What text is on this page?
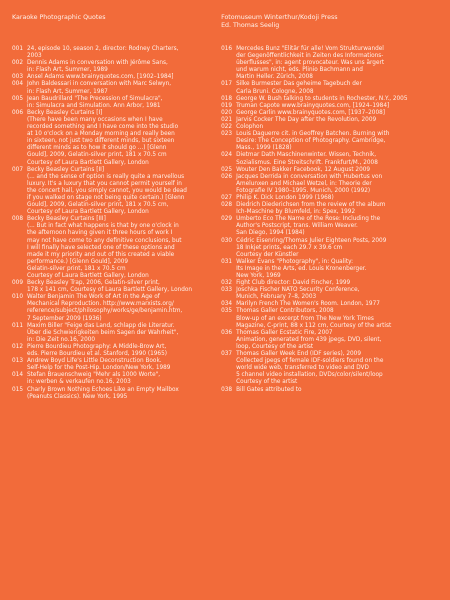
Karaoke Photographic Quotes	Fotomuseum Winterthur/Kodoji Press
Ed. Thomas Seelig
001 24, episode 10, season 2, director: Rodney Charters,
2003
002 Dennis Adams in conversation with Jérôme Sans,
in: Flash Art, Summer, 1989
003 Ansel Adams www.brainyquotes.com, [1902–1984]
004 John Baldessari in conversation with Marc Selwyn,
in: Flash Art, Summer, 1987
005 Jean Baudrillard "The Precession of Simulacra",
in: Simulacra and Simulation. Ann Arbor, 1981
006 Becky Beasley Curtains [I]
(There have been many occasions when I have
recorded something and I have come into the studio
at 10 o'clock on a Monday morning and really been
in sixteen, not just two different minds, but sixteen
different minds as to how it should go ...) [Glenn
Gould], 2009, Gelatin-silver print, 181 x 70.5 cm
Courtesy of Laura Bartlett Gallery, London
007 Becky Beasley Curtains [II]
(... and the sense of option is really quite a marvellous
luxury. It's a luxury that you cannot permit yourself in
the concert hall, you simply cannot, you would be dead
if you walked on stage not being quite certain.) [Glenn
Gould], 2009, Gelatin-silver print, 181 x 70.5 cm,
Courtesy of Laura Bartlett Gallery, London
008 Becky Beasley Curtains [III]
(... But in fact what happens is that by one o'clock in
the afternoon having given it three hours of work I
may not have come to any definitive conclusions, but
I will finally have selected one of these options and
made it my priority and out of this created a viable
performance.) [Glenn Gould], 2009
Gelatin-silver print, 181 x 70.5 cm
Courtesy of Laura Bartlett Gallery, London
009 Becky Beasley Trap, 2006, Gelatin-silver print,
178 x 141 cm, Courtesy of Laura Bartlett Gallery, London
010 Walter Benjamin The Work of Art in the Age of
Mechanical Reproduction. http://www.marxists.org/
reference/subject/philosophy/works/ge/benjamin.htm,
7 September 2009 (1936)
011 Maxim Biller "Feige das Land, schlapp die Literatur.
Über die Schwierigkeiten beim Sagen der Wahrheit",
in: Die Zeit no.16, 2000
012 Pierre Bourdieu Photography: A Middle-Brow Art,
eds. Pierre Bourdieu et al. Stanford, 1990 (1965)
013 Andrew Boyd Life's Little Deconstruction Book.
Self-Help for the Post-Hip. London/New York, 1989
014 Stefan Brauenschweig "Mehr als 1000 Worte",
in: werben & verkaufen no.16, 2003
015 Charly Brown Nothing Echoes Like an Empty Mailbox
(Peanuts Classics). New York, 1995
016 Mercedes Bunz "Elitär für alle! Vom Strukturwandel
der Gegenöffentlichkeit in Zeiten des Informations-
überflusses", in: agent provocateur. Was uns ärgert
und warum nicht, eds. Plinio Bachmann and
Martin Heller. Zürich, 2008
017 Silke Burmester Das geheime Tagebuch der
Carla Bruni. Cologne, 2008
018 George W. Bush talking to students in Rochester, N.Y., 2005
019 Truman Capote www.brainyquotes.com, [1924–1984]
020 George Carlin www.brainyquotes.com, [1937–2008]
021 Jarvis Cocker The Day after the Revolution, 2009
022 Colophon
023 Louis Daguerre cit. in Geoffrey Batchen. Burning with
Desire: The Conception of Photography. Cambridge,
Mass., 1999 (1828)
024 Dietmar Dath Maschinenwinter. Wissen, Technik,
Sozialismus. Eine Streitschrift. Frankfurt/M., 2008
025 Wouter Den Bakker Facebook, 12 August 2009
026 Jacques Derrida in conversation with Hubertus von
Amelunxen and Michael Wetzel, in: Theorie der
Fotografie IV 1980–1995. Munich, 2000 (1992)
027 Philip K. Dick London 1999 (1968)
028 Diedrich Diederichsen from the review of the album
Ich-Maschine by Blumfeld, in: Spex, 1992
029 Umberto Eco The Name of the Rose: Including the
Author's Postscript, trans. William Weaver.
San Diego, 1994 (1984)
030 Cédric Eisenring/Thomas Julier Eighteen Posts, 2009
18 Inkjet prints, each 29.7 x 39.6 cm
Courtesy der Künstler
031 Walker Evans "Photography", in: Quality:
Its Image in the Arts, ed. Louis Kronenberger.
New York, 1969
032 Fight Club director: David Fincher, 1999
033 Joschka Fischer NATO Security Conference,
Munich, February 7–8, 2003
034 Marilyn French The Women's Room. London, 1977
035 Thomas Galler Contributors, 2008
Blow-up of an excerpt from The New York Times
Magazine, C-print, 88 x 112 cm, Courtesy of the artist
036 Thomas Galler Ecstatic Fire, 2007
Animation, generated from 439 jpegs, DVD, silent,
loop, Courtesy of the artist
037 Thomas Galler Week End (IDF series), 2009
Collected jpegs of female IDF-soldiers found on the
world wide web, transferred to video and DVD
5 channel video installation, DVDs/color/silent/loop
Courtesy of the artist
038 Bill Gates attributed to
